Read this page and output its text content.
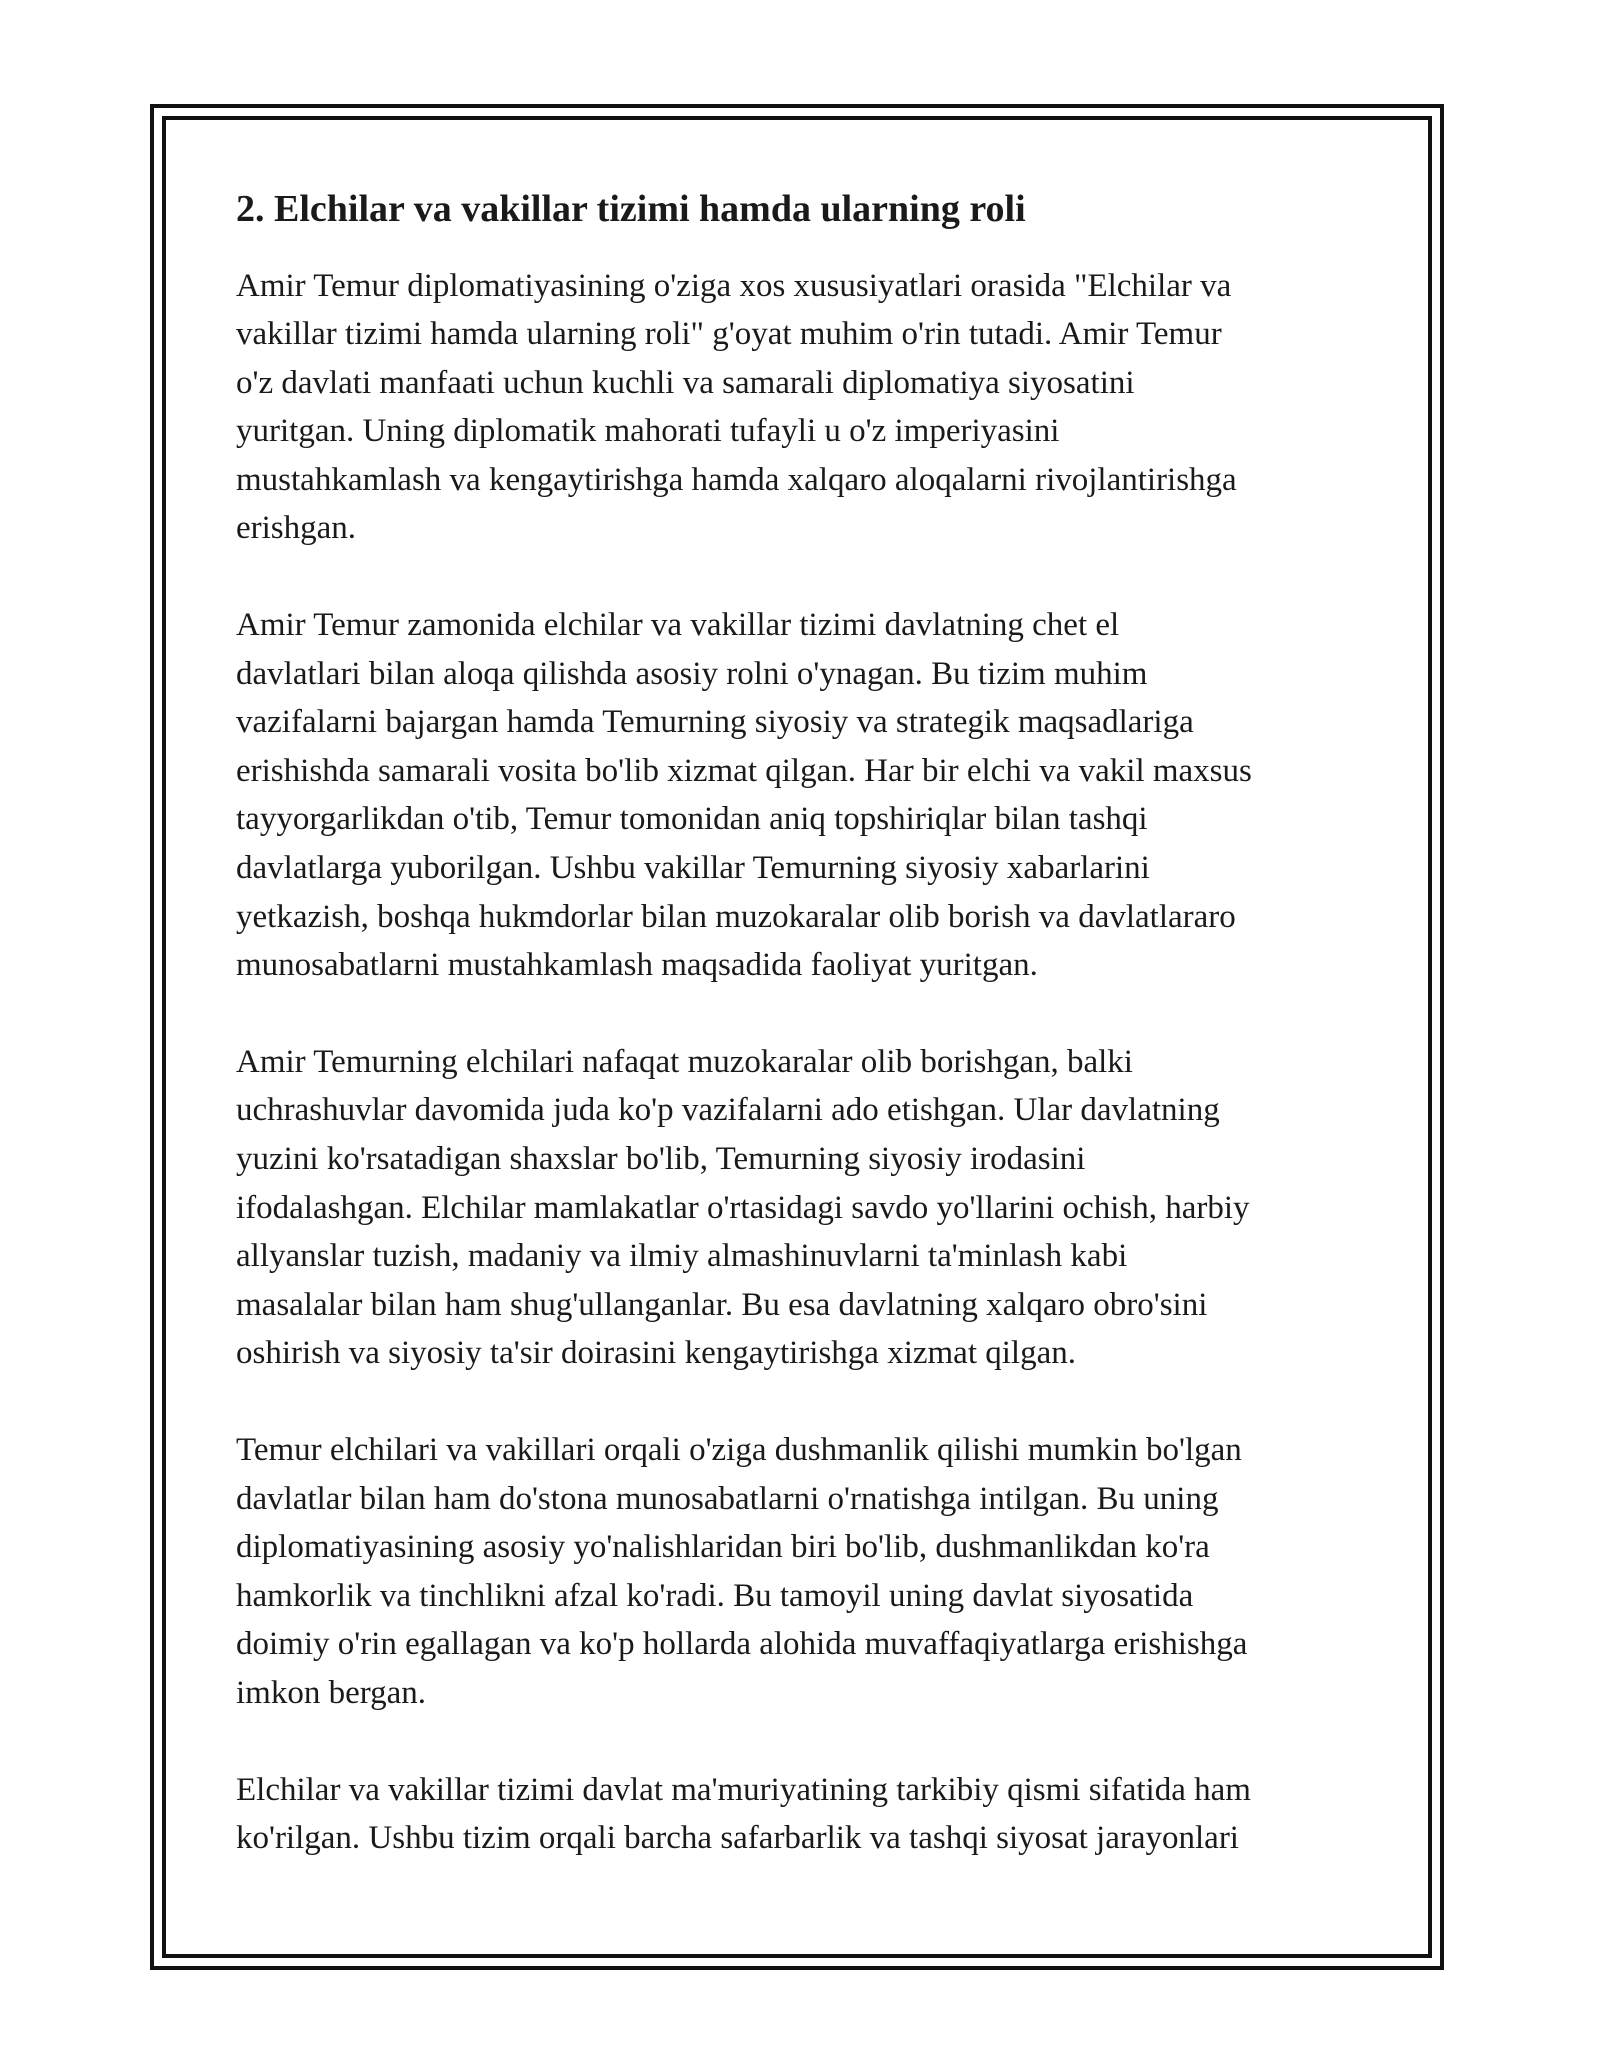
2. Elchilar va vakillar tizimi hamda ularning roli

Amir Temur diplomatiyasining o'ziga xos xususiyatlari orasida "Elchilar va
vakillar tizimi hamda ularning roli" g'oyat muhim o'rin tutadi. Amir Temur
o'z davlati manfaati uchun kuchli va samarali diplomatiya siyosatini
yuritgan. Uning diplomatik mahorati tufayli u o'z imperiyasini
mustahkamlash va kengaytirishga hamda xalqaro aloqalarni rivojlantirishga
erishgan.

Amir Temur zamonida elchilar va vakillar tizimi davlatning chet el
davlatlari bilan aloqa qilishda asosiy rolni o'ynagan. Bu tizim muhim
vazifalarni bajargan hamda Temurning siyosiy va strategik maqsadlariga
erishishda samarali vosita bo'lib xizmat qilgan. Har bir elchi va vakil maxsus
tayyorgarlikdan o'tib, Temur tomonidan aniq topshiriqlar bilan tashqi
davlatlarga yuborilgan. Ushbu vakillar Temurning siyosiy xabarlarini
yetkazish, boshqa hukmdorlar bilan muzokaralar olib borish va davlatlararo
munosabatlarni mustahkamlash maqsadida faoliyat yuritgan.

Amir Temurning elchilari nafaqat muzokaralar olib borishgan, balki
uchrashuvlar davomida juda ko'p vazifalarni ado etishgan. Ular davlatning
yuzini ko'rsatadigan shaxslar bo'lib, Temurning siyosiy irodasini
ifodalashgan. Elchilar mamlakatlar o'rtasidagi savdo yo'llarini ochish, harbiy
allyanslar tuzish, madaniy va ilmiy almashinuvlarni ta'minlash kabi
masalalar bilan ham shug'ullanganlar. Bu esa davlatning xalqaro obro'sini
oshirish va siyosiy ta'sir doirasini kengaytirishga xizmat qilgan.

Temur elchilari va vakillari orqali o'ziga dushmanlik qilishi mumkin bo'lgan
davlatlar bilan ham do'stona munosabatlarni o'rnatishga intilgan. Bu uning
diplomatiyasining asosiy yo'nalishlaridan biri bo'lib, dushmanlikdan ko'ra
hamkorlik va tinchlikni afzal ko'radi. Bu tamoyil uning davlat siyosatida
doimiy o'rin egallagan va ko'p hollarda alohida muvaffaqiyatlarga erishishga
imkon bergan.

Elchilar va vakillar tizimi davlat ma'muriyatining tarkibiy qismi sifatida ham
ko'rilgan. Ushbu tizim orqali barcha safarbarlik va tashqi siyosat jarayonlari
